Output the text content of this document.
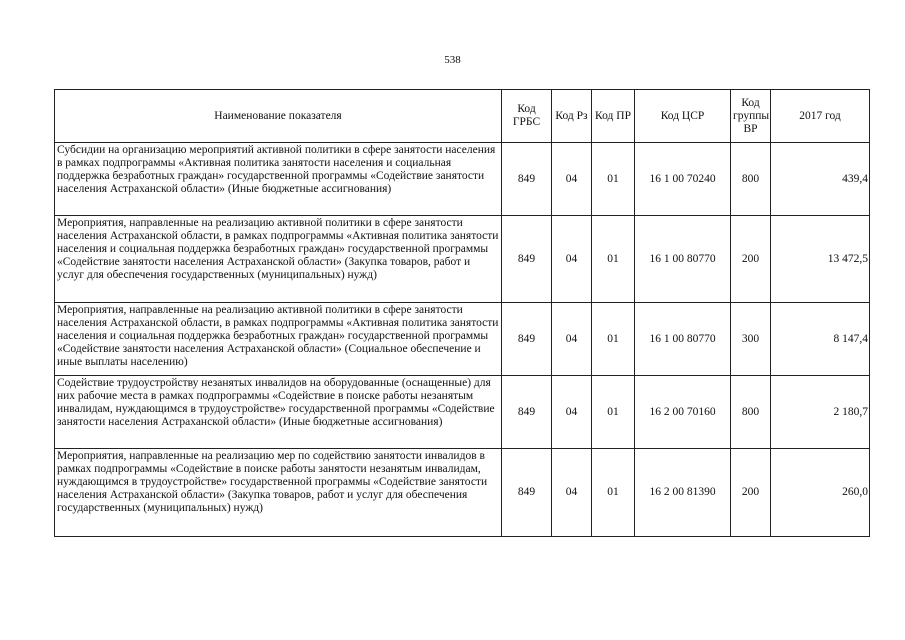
538
Наименование показателя	Код ГРБС	Код Рз	Код ПР	Код ЦСР	Код группы ВР	2017 год
Субсидии на организацию мероприятий активной политики в сфере занятости населения в рамках подпрограммы «Активная политика занятости населения и социальная поддержка безработных граждан» государственной программы «Содействие занятости населения Астраханской области» (Иные бюджетные ассигнования)	849	04	01	16 1 00 70240	800	439,4
Мероприятия, направленные на реализацию активной политики в сфере занятости населения Астраханской области, в рамках подпрограммы «Активная политика занятости населения и социальная поддержка безработных граждан» государственной программы «Содействие занятости населения Астраханской области» (Закупка товаров, работ и услуг для обеспечения государственных (муниципальных) нужд)	849	04	01	16 1 00 80770	200	13 472,5
Мероприятия, направленные на реализацию активной политики в сфере занятости населения Астраханской области, в рамках подпрограммы «Активная политика занятости населения и социальная поддержка безработных граждан» государственной программы «Содействие занятости населения Астраханской области» (Социальное обеспечение и иные выплаты населению)	849	04	01	16 1 00 80770	300	8 147,4
Содействие трудоустройству незанятых инвалидов на оборудованные (оснащенные) для них рабочие места в рамках подпрограммы «Содействие в поиске работы незанятым инвалидам, нуждающимся в трудоустройстве» государственной программы «Содействие занятости населения Астраханской области» (Иные бюджетные ассигнования)	849	04	01	16 2 00 70160	800	2 180,7
Мероприятия, направленные на реализацию мер по содействию занятости инвалидов в рамках подпрограммы «Содействие в поиске работы занятости незанятым инвалидам, нуждающимся в трудоустройстве» государственной программы «Содействие занятости населения Астраханской области» (Закупка товаров, работ и услуг для обеспечения государственных (муниципальных) нужд)	849	04	01	16 2 00 81390	200	260,0
